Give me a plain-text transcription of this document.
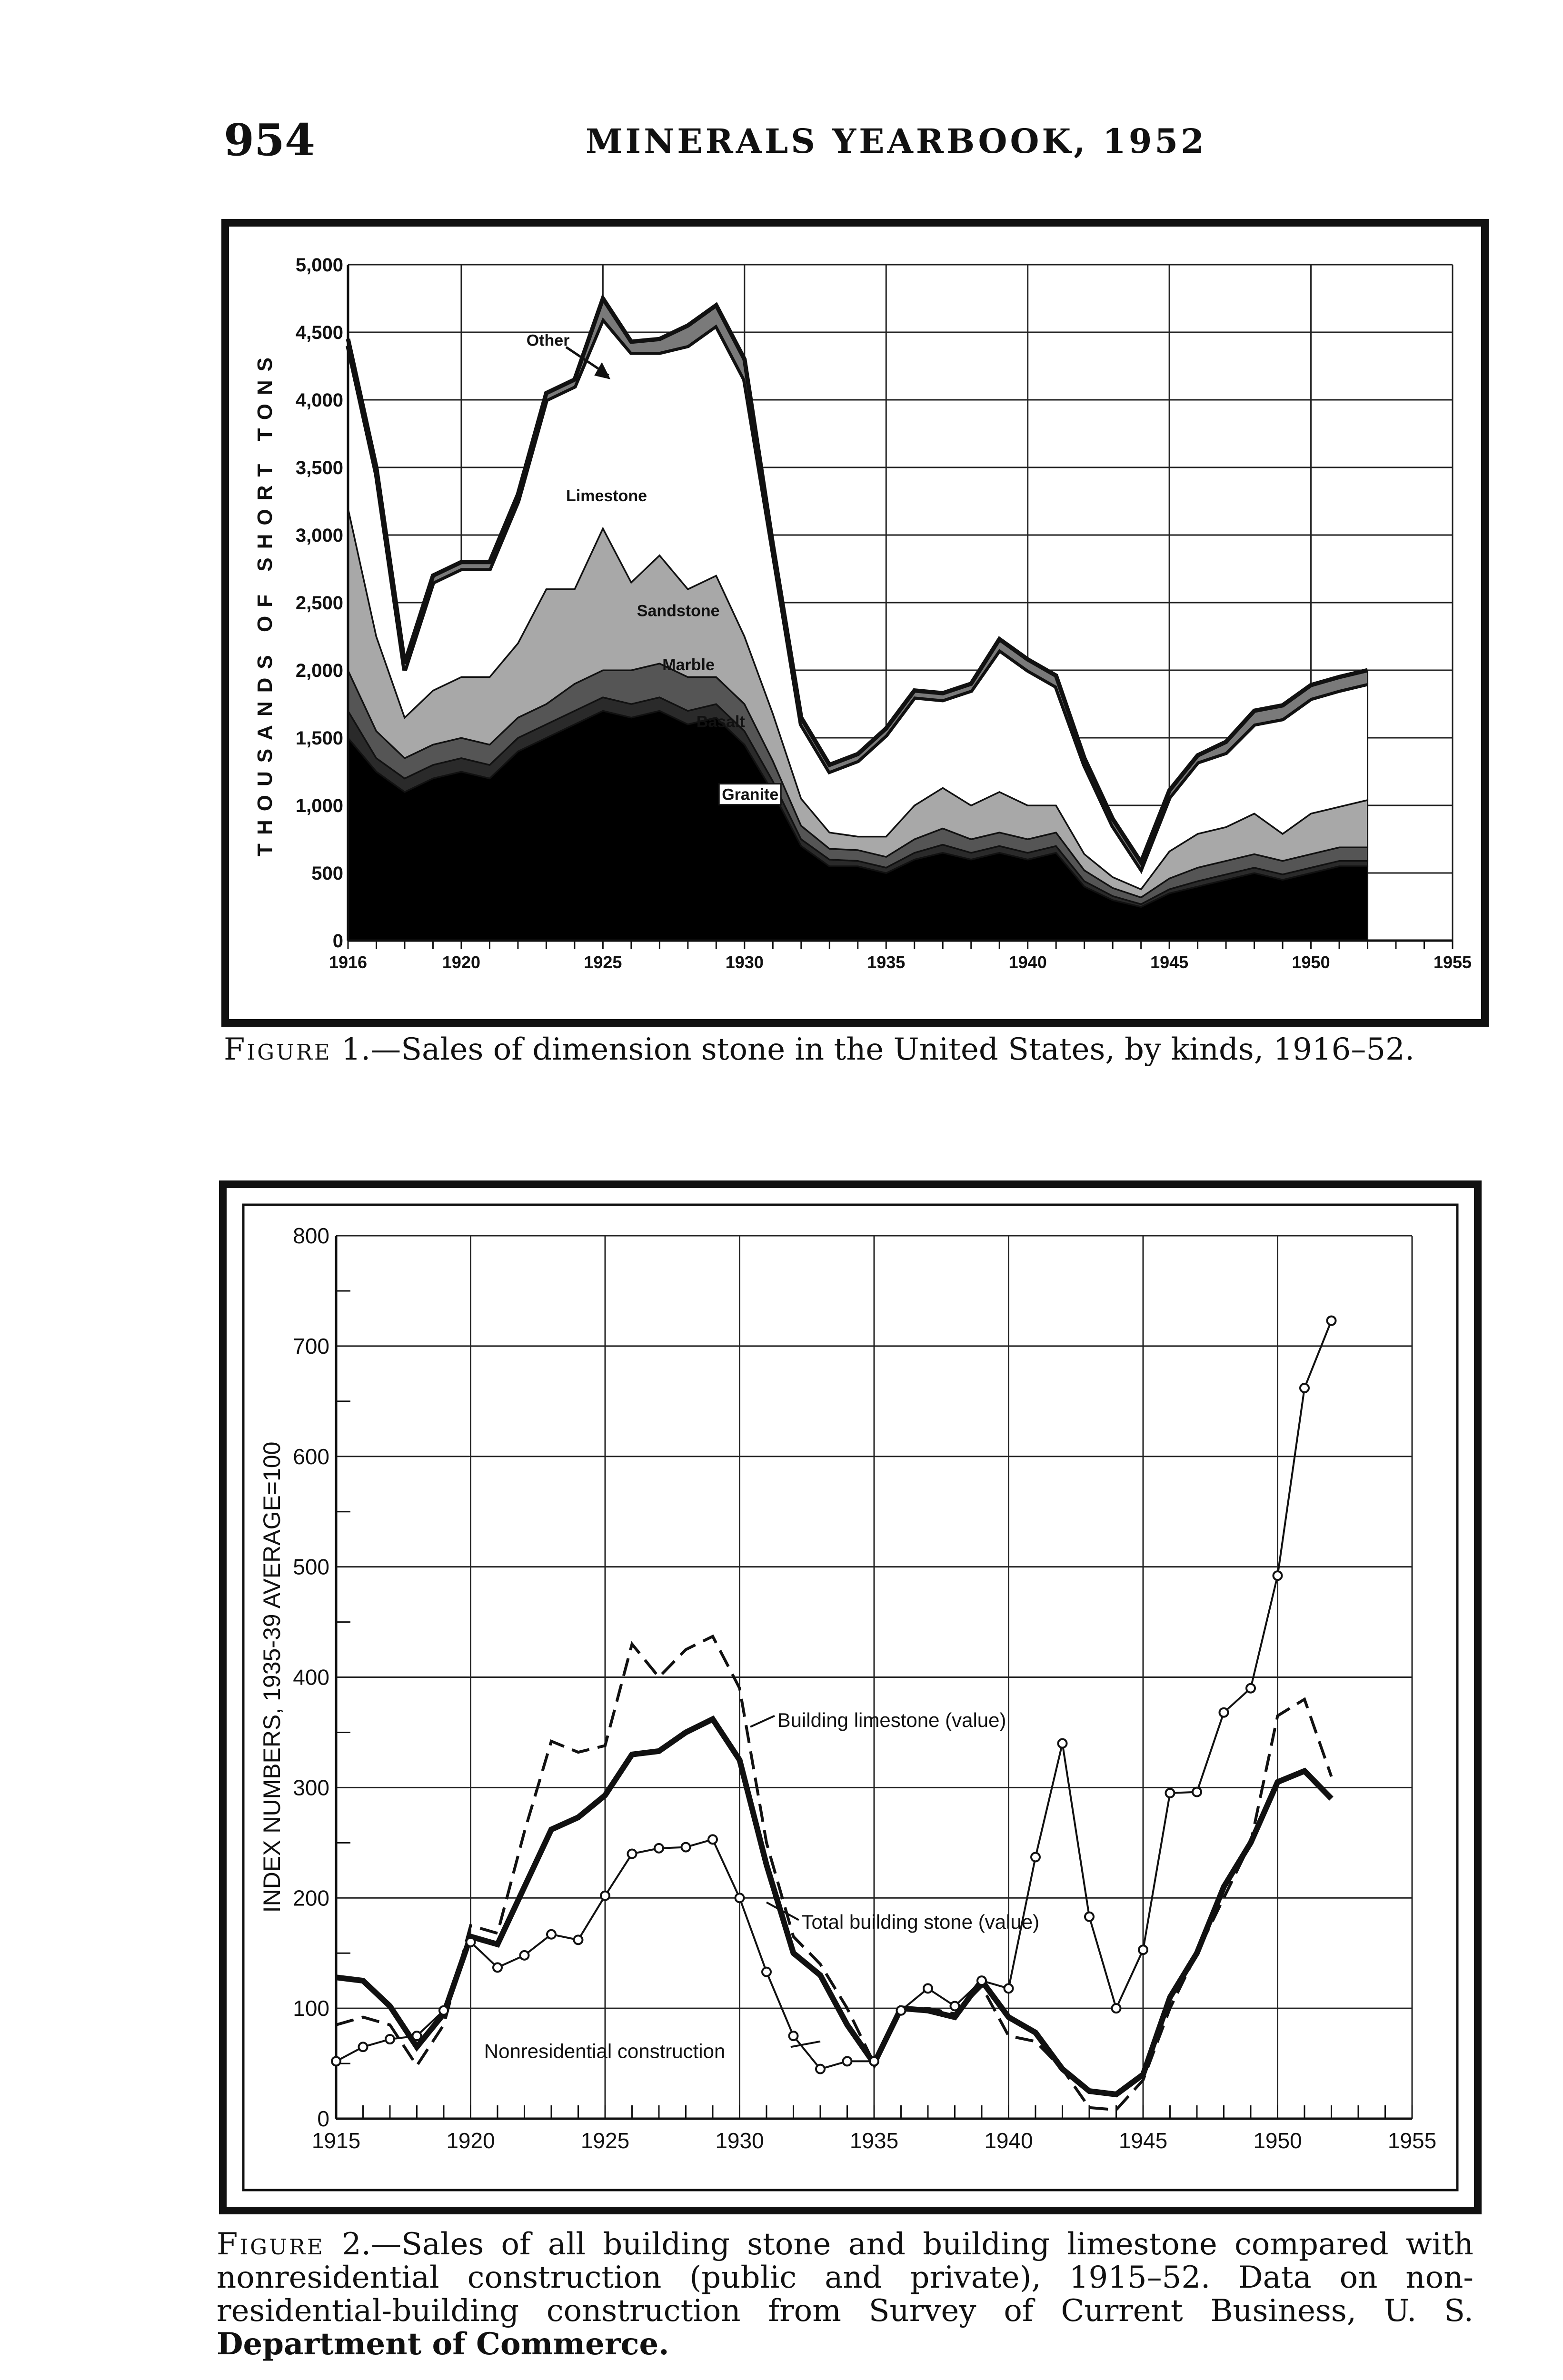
954	MINERALS YEARBOOK, 1952
0
500
1,000
1,500
2,000
2,500
3,000
3,500
4,000
4,500
5,000
1916	1920	1925	1930	1935	1940	1945	1950	1955
THOUSANDS OF SHORT TONS
Other
Limestone
Sandstone
Marble
Basalt
Granite
Figure 1.—Sales of dimension stone in the United States, by kinds, 1916–52.
0
100
200
300
400
500
600
700
800
1915	1920	1925	1930	1935	1940	1945	1950	1955
INDEX NUMBERS, 1935-39 AVERAGE=100	Building limestone (value)
Total building stone (value)
Nonresidential construction
Figure 2.—Sales of all building stone and building limestone compared with nonresidential construction (public and private), 1915–52. Data on non-residential-building construction from Survey of Current Business, U. S. Department of Commerce.
